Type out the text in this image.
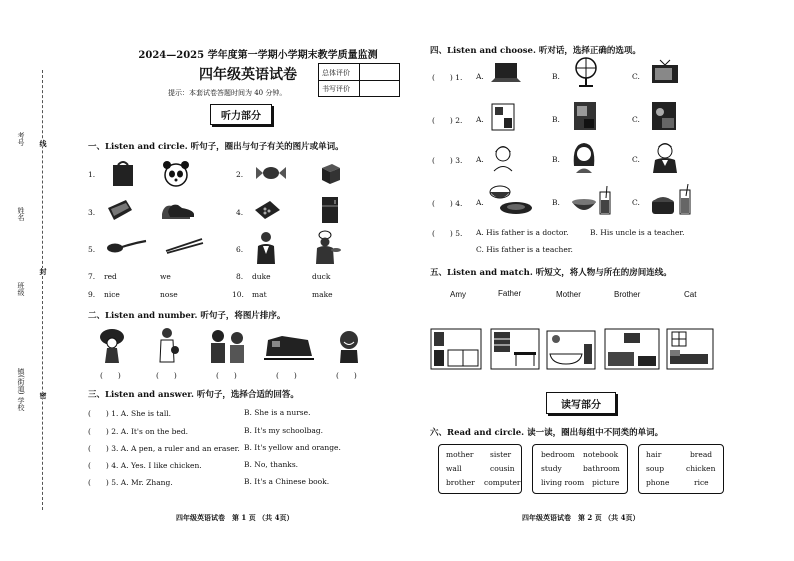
考号
姓名
班级
镇(街道) 学校
线
封
密
2024—2025 学年度第一学期小学期末教学质量监测
四年级英语试卷
提示：本套试卷答题时间为 40 分钟。
总体评价
书写评价
听力部分
一、Listen and circle. 听句子，圈出与句子有关的图片或单词。
1.	2.
3.	4.
5.	6.
7. red	we	8. duke	duck
9. nice	nose	10. mat	make
二、Listen and number. 听句子，将图片排序。
(　　)	(　　)	(　　)	(　　)	(　　)
三、Listen and answer. 听句子，选择合适的回答。
(　　) 1. A. She is tall.	B. She is a nurse.
(　　) 2. A. It's on the bed.	B. It's my schoolbag.
(　　) 3. A. A pen, a ruler and an eraser. B. It's yellow and orange.
(　　) 4. A. Yes. I like chicken.	B. No, thanks.
(　　) 5. A. Mr. Zhang.	B. It's a Chinese book.
四年级英语试卷　第 1 页 （共 4页）
四、Listen and choose. 听对话，选择正确的选项。
(　　) 1. A.	B.	C.
(　　) 2. A.	B.	C.
(　　) 3. A.	B.	C.
(　　) 4. A.	B.	C.
(　　) 5. A. His father is a doctor.	B. His uncle is a teacher.
C. His father is a teacher.
五、Listen and match. 听短文，将人物与所在的房间连线。
Amy	Father	Mother	Brother	Cat
读写部分
六、Read and circle. 读一读，圈出每组中不同类的单词。
mother sister
wall	cousin
brother computer
bedroom notebook
study	bathroom
living room picture
hair	bread
soup	chicken
phone	rice
四年级英语试卷　第 2 页 （共 4页）
